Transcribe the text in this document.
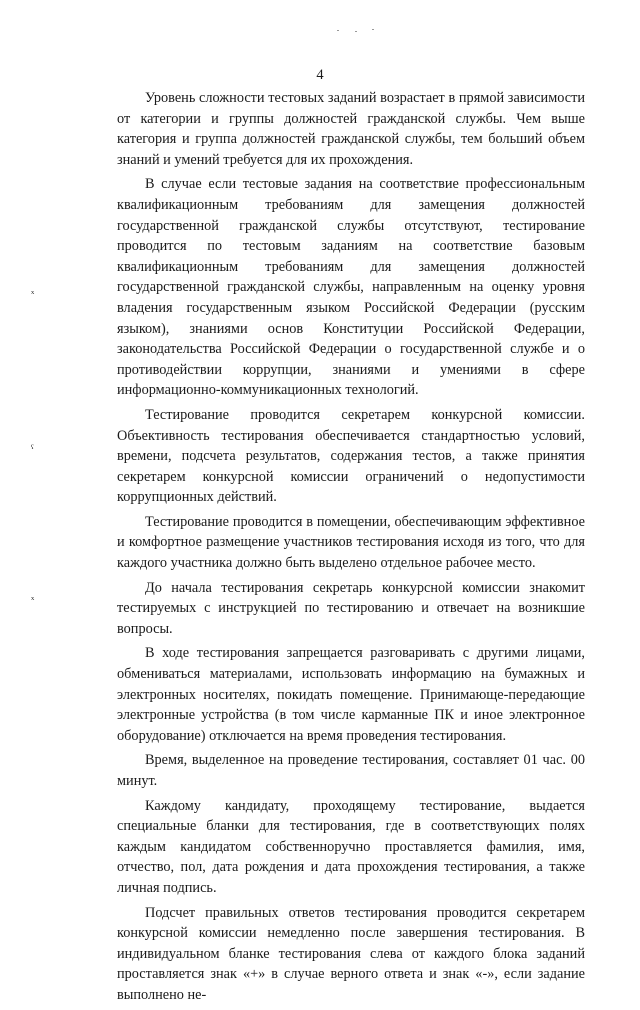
4
ˣ
ˤ
ˣ

Уровень сложности тестовых заданий возрастает в прямой зависимости от категории и группы должностей гражданской службы. Чем выше категория и группа должностей гражданской службы, тем больший объем знаний и умений требуется для их прохождения.

В случае если тестовые задания на соответствие профессиональным квалификационным требованиям для замещения должностей государственной гражданской службы отсутствуют, тестирование проводится по тестовым заданиям на соответствие базовым квалификационным требованиям для замещения должностей государственной гражданской службы, направленным на оценку уровня владения государственным языком Российской Федерации (русским языком), знаниями основ Конституции Российской Федерации, законодательства Российской Федерации о государственной службе и о противодействии коррупции, знаниями и умениями в сфере информационно-коммуникационных технологий.

Тестирование проводится секретарем конкурсной комиссии. Объективность тестирования обеспечивается стандартностью условий, времени, подсчета результатов, содержания тестов, а также принятия секретарем конкурсной комиссии ограничений о недопустимости коррупционных действий.

Тестирование проводится в помещении, обеспечивающим эффективное и комфортное размещение участников тестирования исходя из того, что для каждого участника должно быть выделено отдельное рабочее место.

До начала тестирования секретарь конкурсной комиссии знакомит тестируемых с инструкцией по тестированию и отвечает на возникшие вопросы.

В ходе тестирования запрещается разговаривать с другими лицами, обмениваться материалами, использовать информацию на бумажных и электронных носителях, покидать помещение. Принимающе-передающие электронные устройства (в том числе карманные ПК и иное электронное оборудование) отключается на время проведения тестирования.

Время, выделенное на проведение тестирования, составляет 01 час. 00 минут.

Каждому кандидату, проходящему тестирование, выдается специальные бланки для тестирования, где в соответствующих полях каждым кандидатом собственноручно проставляется фамилия, имя, отчество, пол, дата рождения и дата прохождения тестирования, а также личная подпись.

Подсчет правильных ответов тестирования проводится секретарем конкурсной комиссии немедленно после завершения тестирования. В индивидуальном бланке тестирования слева от каждого блока заданий проставляется знак «+» в случае верного ответа и знак «-», если задание выполнено не-
